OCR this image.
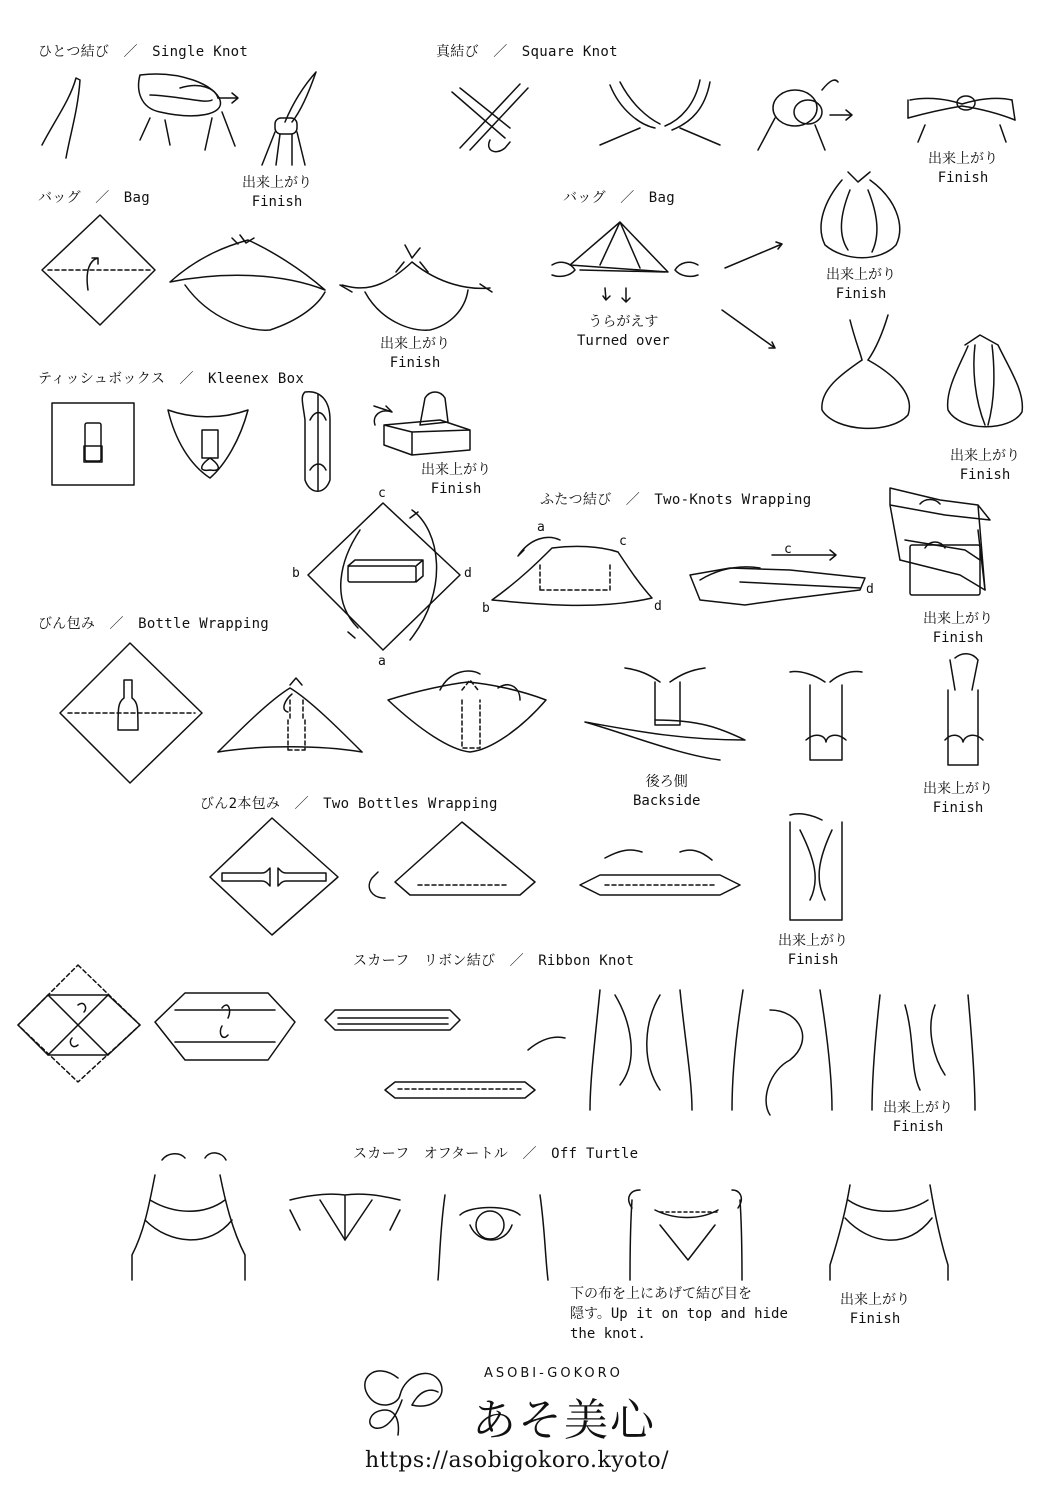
ひとつ結び　／　Single Knot	真結び　／　Square Knot
バッグ　／　Bag	バッグ　／　Bag
ティッシュボックス　／　Kleenex Box
ふたつ結び　／　Two-Knots Wrapping
びん包み　／　Bottle Wrapping
びん2本包み　／　Two Bottles Wrapping
スカーフ　リボン結び　／　Ribbon Knot
スカーフ　オフタートル　／　Off Turtle
出来上がり
Finish
出来上がり
Finish
出来上がり
Finish
出来上がり
Finish
出来上がり
Finish
出来上がり
Finish
出来上がり
Finish
出来上がり
Finish
出来上がり
Finish
出来上がり
Finish
出来上がり
Finish
うらがえす
Turned over
後ろ側
Backside
c
b	d
a
a
c
b	d
c
d
下の布を上にあげて結び目を
隠す。Up it on top and hide
the knot.
ASOBI-GOKORO
あそ美心
https://asobigokoro.kyoto/
